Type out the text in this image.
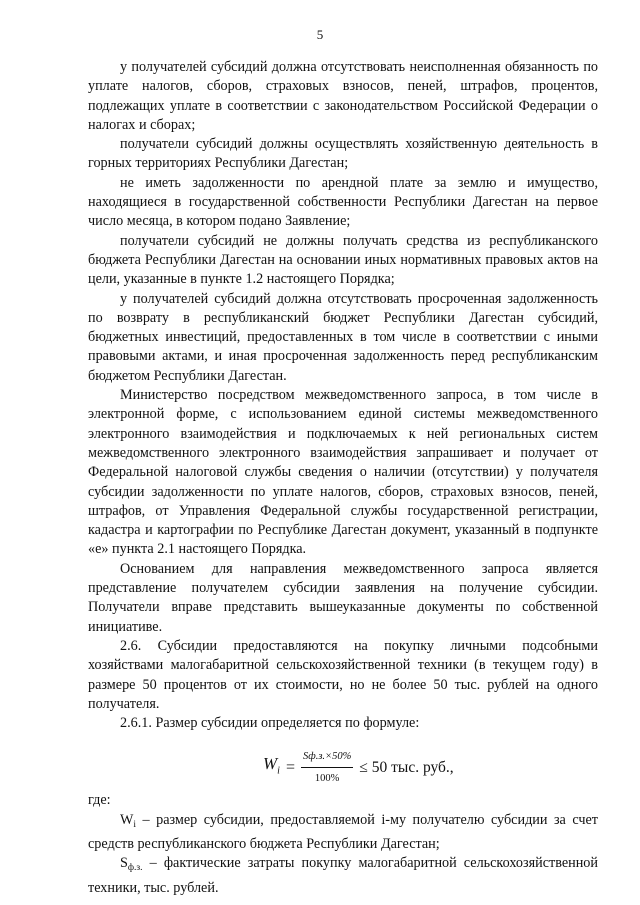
5

у получателей субсидий должна отсутствовать неисполненная обязанность по уплате налогов, сборов, страховых взносов, пеней, штрафов, процентов, подлежащих уплате в соответствии с законодательством Российской Федерации о налогах и сборах;

получатели субсидий должны осуществлять хозяйственную деятельность в горных территориях Республики Дагестан;

не иметь задолженности по арендной плате за землю и имущество, находящиеся в государственной собственности Республики Дагестан на первое число месяца, в котором подано Заявление;

получатели субсидий не должны получать средства из республиканского бюджета Республики Дагестан на основании иных нормативных правовых актов на цели, указанные в пункте 1.2 настоящего Порядка;

у получателей субсидий должна отсутствовать просроченная задолженность по возврату в республиканский бюджет Республики Дагестан субсидий, бюджетных инвестиций, предоставленных в том числе в соответствии с иными правовыми актами, и иная просроченная задолженность перед республиканским бюджетом Республики Дагестан.

Министерство посредством межведомственного запроса, в том числе в электронной форме, с использованием единой системы межведомственного электронного взаимодействия и подключаемых к ней региональных систем межведомственного электронного взаимодействия запрашивает и получает от Федеральной налоговой службы сведения о наличии (отсутствии) у получателя субсидии задолженности по уплате налогов, сборов, страховых взносов, пеней, штрафов, от Управления Федеральной службы государственной регистрации, кадастра и картографии по Республике Дагестан документ, указанный в подпункте «е» пункта 2.1 настоящего Порядка.

Основанием для направления межведомственного запроса является представление получателем субсидии заявления на получение субсидии. Получатели вправе представить вышеуказанные документы по собственной инициативе.

2.6. Субсидии предоставляются на покупку личными подсобными хозяйствами малогабаритной сельскохозяйственной техники (в текущем году) в размере 50 процентов от их стоимости, но не более 50 тыс. рублей на одного получателя.

2.6.1. Размер субсидии определяется по формуле:

$W_i = \frac{Sф.з.\times 50\%}{100\%} \le 50$ тыс. руб.,

где:

$W_i$ – размер субсидии, предоставляемой i-му получателю субсидии за счет средств республиканского бюджета Республики Дагестан;

$S_{ф.з.}$ – фактические затраты покупку малогабаритной сельскохозяйственной техники, тыс. рублей.
